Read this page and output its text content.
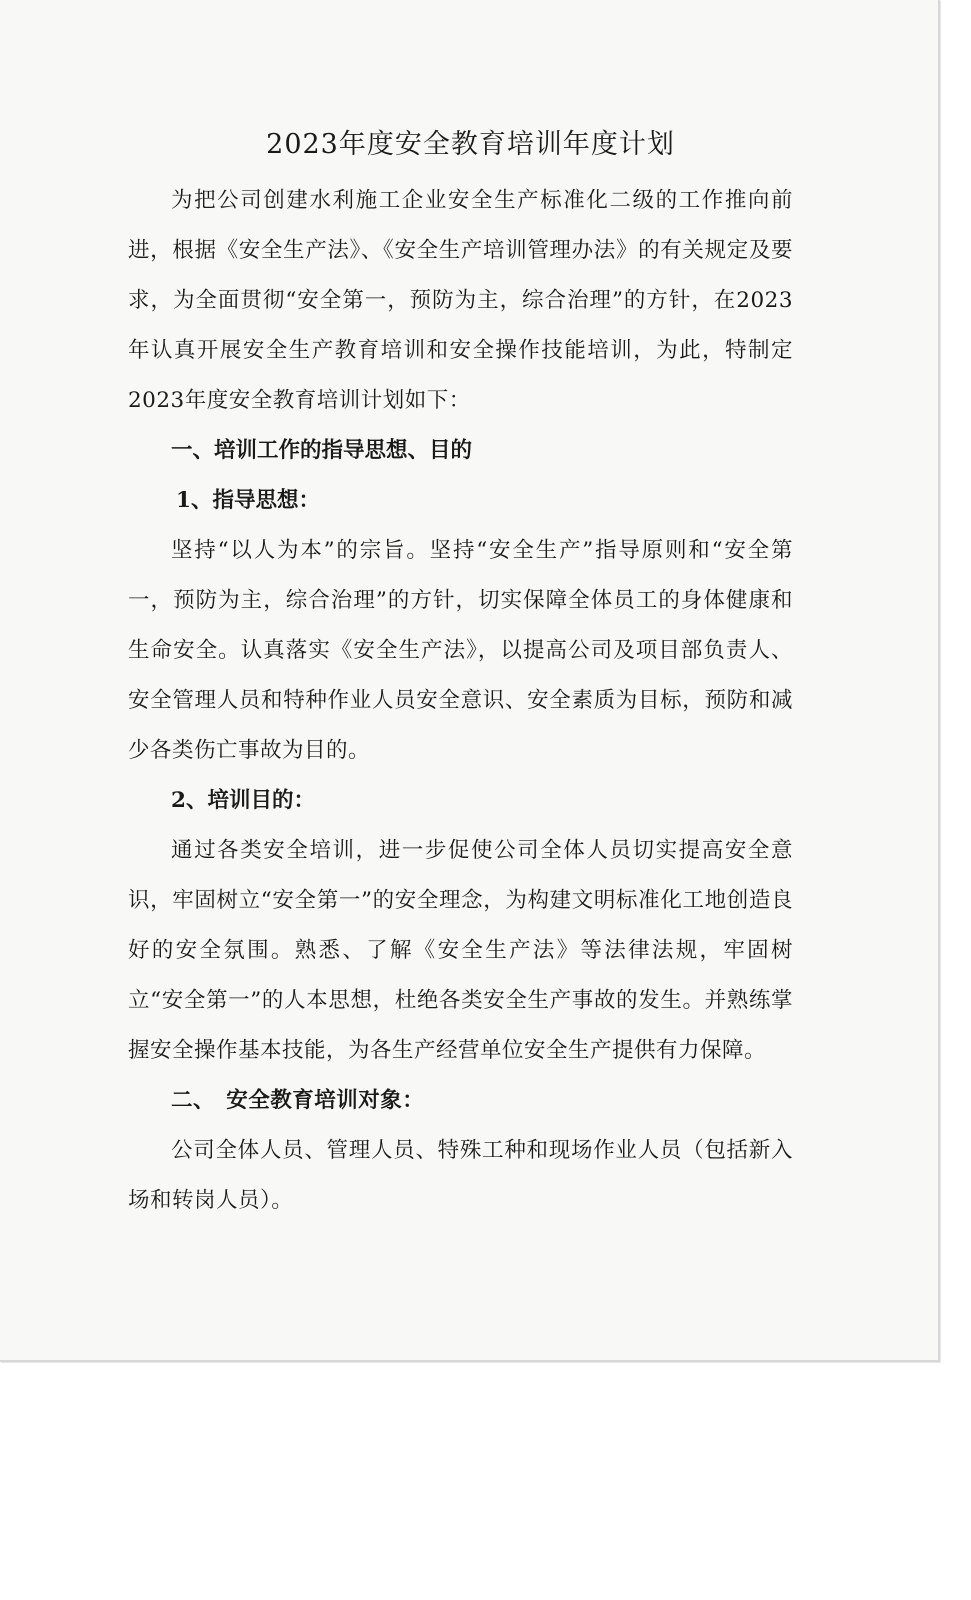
2023年度安全教育培训年度计划

为把公司创建水利施工企业安全生产标准化二级的工作推向前进，根据《安全生产法》、《安全生产培训管理办法》的有关规定及要求，为全面贯彻“安全第一，预防为主，综合治理”的方针，在2023年认真开展安全生产教育培训和安全操作技能培训，为此，特制定2023年度安全教育培训计划如下：

一、培训工作的指导思想、目的

1、指导思想：

坚持“以人为本”的宗旨。坚持“安全生产”指导原则和“安全第一，预防为主，综合治理”的方针，切实保障全体员工的身体健康和生命安全。认真落实《安全生产法》，以提高公司及项目部负责人、安全管理人员和特种作业人员安全意识、安全素质为目标，预防和减少各类伤亡事故为目的。

2、培训目的：

通过各类安全培训，进一步促使公司全体人员切实提高安全意识，牢固树立“安全第一”的安全理念，为构建文明标准化工地创造良好的安全氛围。熟悉、了解《安全生产法》等法律法规，牢固树立“安全第一”的人本思想，杜绝各类安全生产事故的发生。并熟练掌握安全操作基本技能，为各生产经营单位安全生产提供有力保障。

二、　安全教育培训对象：

公司全体人员、管理人员、特殊工种和现场作业人员（包括新入场和转岗人员）。
